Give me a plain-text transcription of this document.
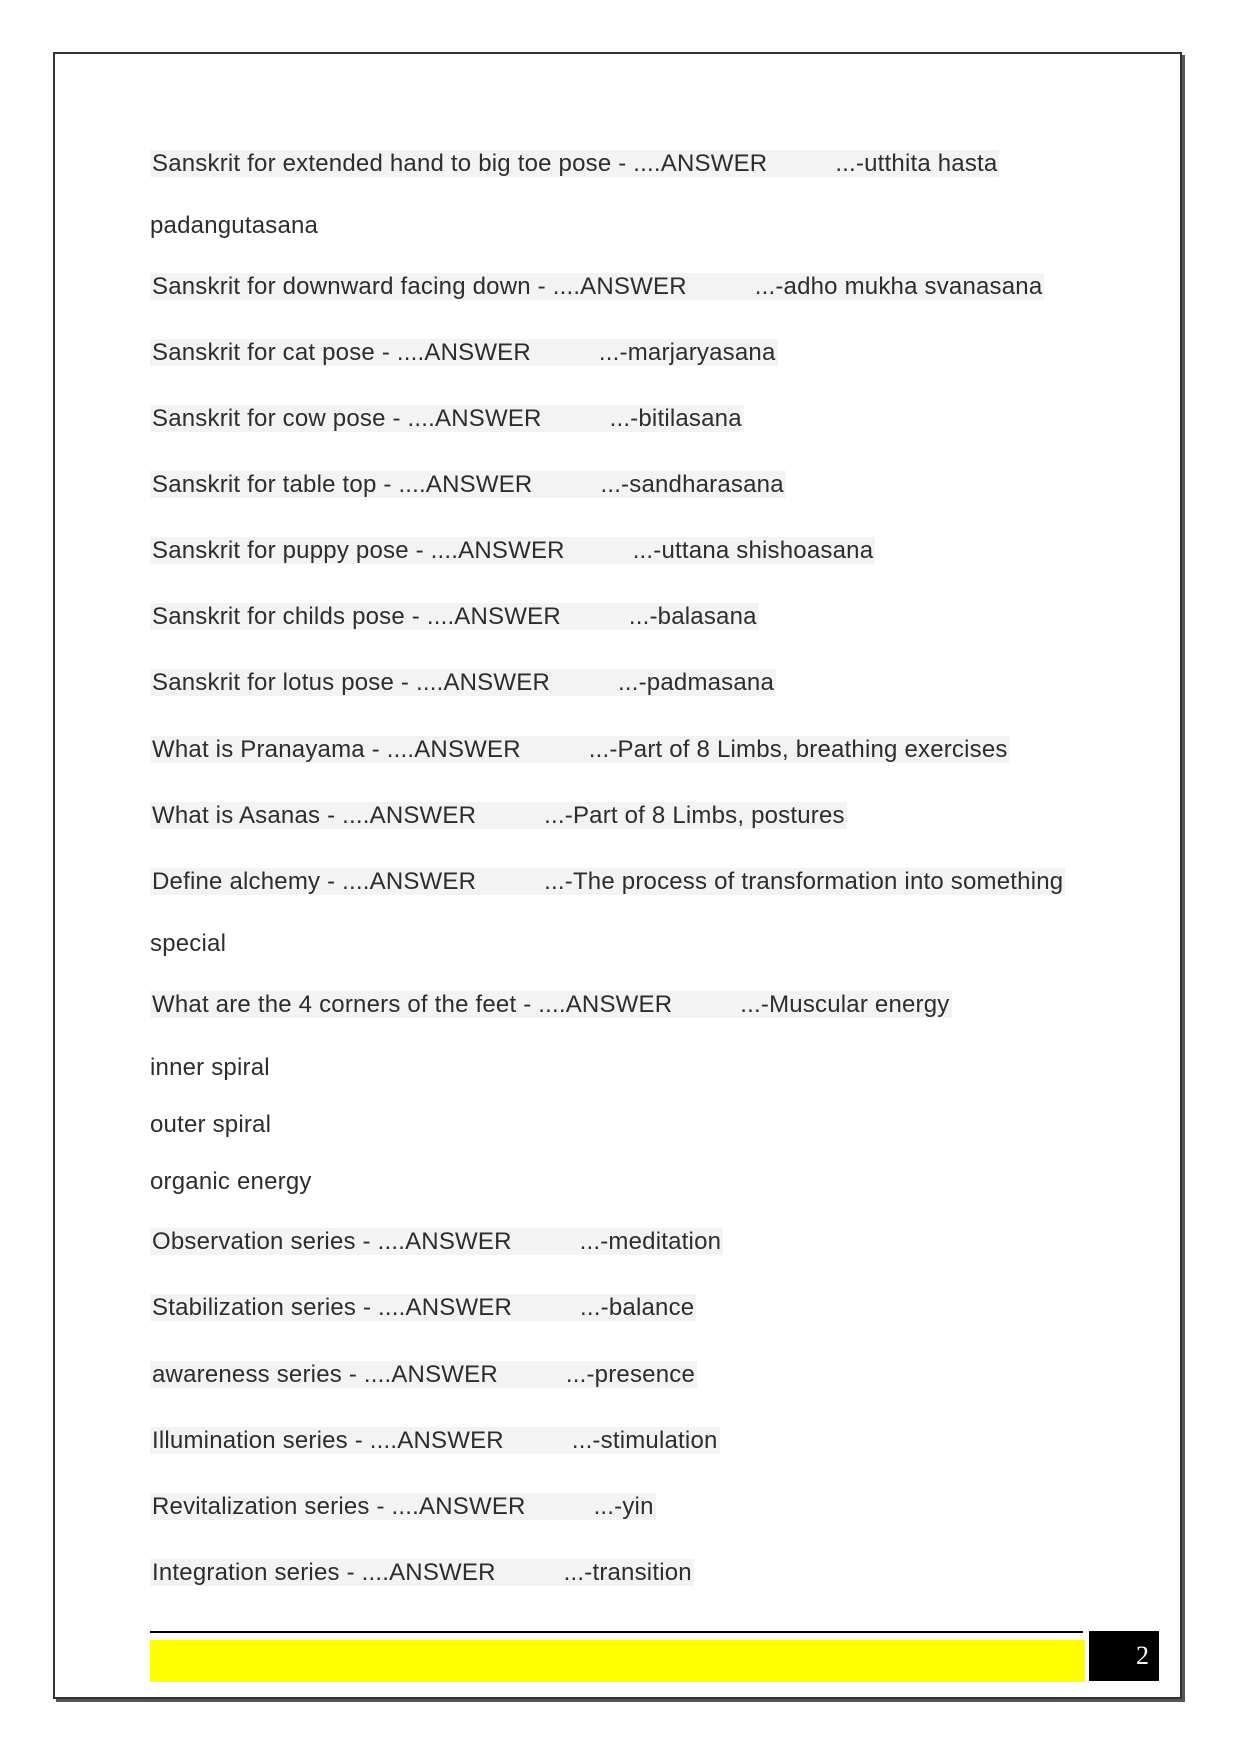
Sanskrit for extended hand to big toe pose - ....ANSWER	...-utthita hasta
padangutasana
Sanskrit for downward facing down - ....ANSWER	...-adho mukha svanasana
Sanskrit for cat pose - ....ANSWER	...-marjaryasana
Sanskrit for cow pose - ....ANSWER	...-bitilasana
Sanskrit for table top - ....ANSWER	...-sandharasana
Sanskrit for puppy pose - ....ANSWER	...-uttana shishoasana
Sanskrit for childs pose - ....ANSWER	...-balasana
Sanskrit for lotus pose - ....ANSWER	...-padmasana
What is Pranayama - ....ANSWER	...-Part of 8 Limbs, breathing exercises
What is Asanas - ....ANSWER	...-Part of 8 Limbs, postures
Define alchemy - ....ANSWER	...-The process of transformation into something
special
What are the 4 corners of the feet - ....ANSWER	...-Muscular energy
inner spiral
outer spiral
organic energy
Observation series - ....ANSWER	...-meditation
Stabilization series - ....ANSWER	...-balance
awareness series - ....ANSWER	...-presence
Illumination series - ....ANSWER	...-stimulation
Revitalization series - ....ANSWER	...-yin
Integration series - ....ANSWER	...-transition
2
